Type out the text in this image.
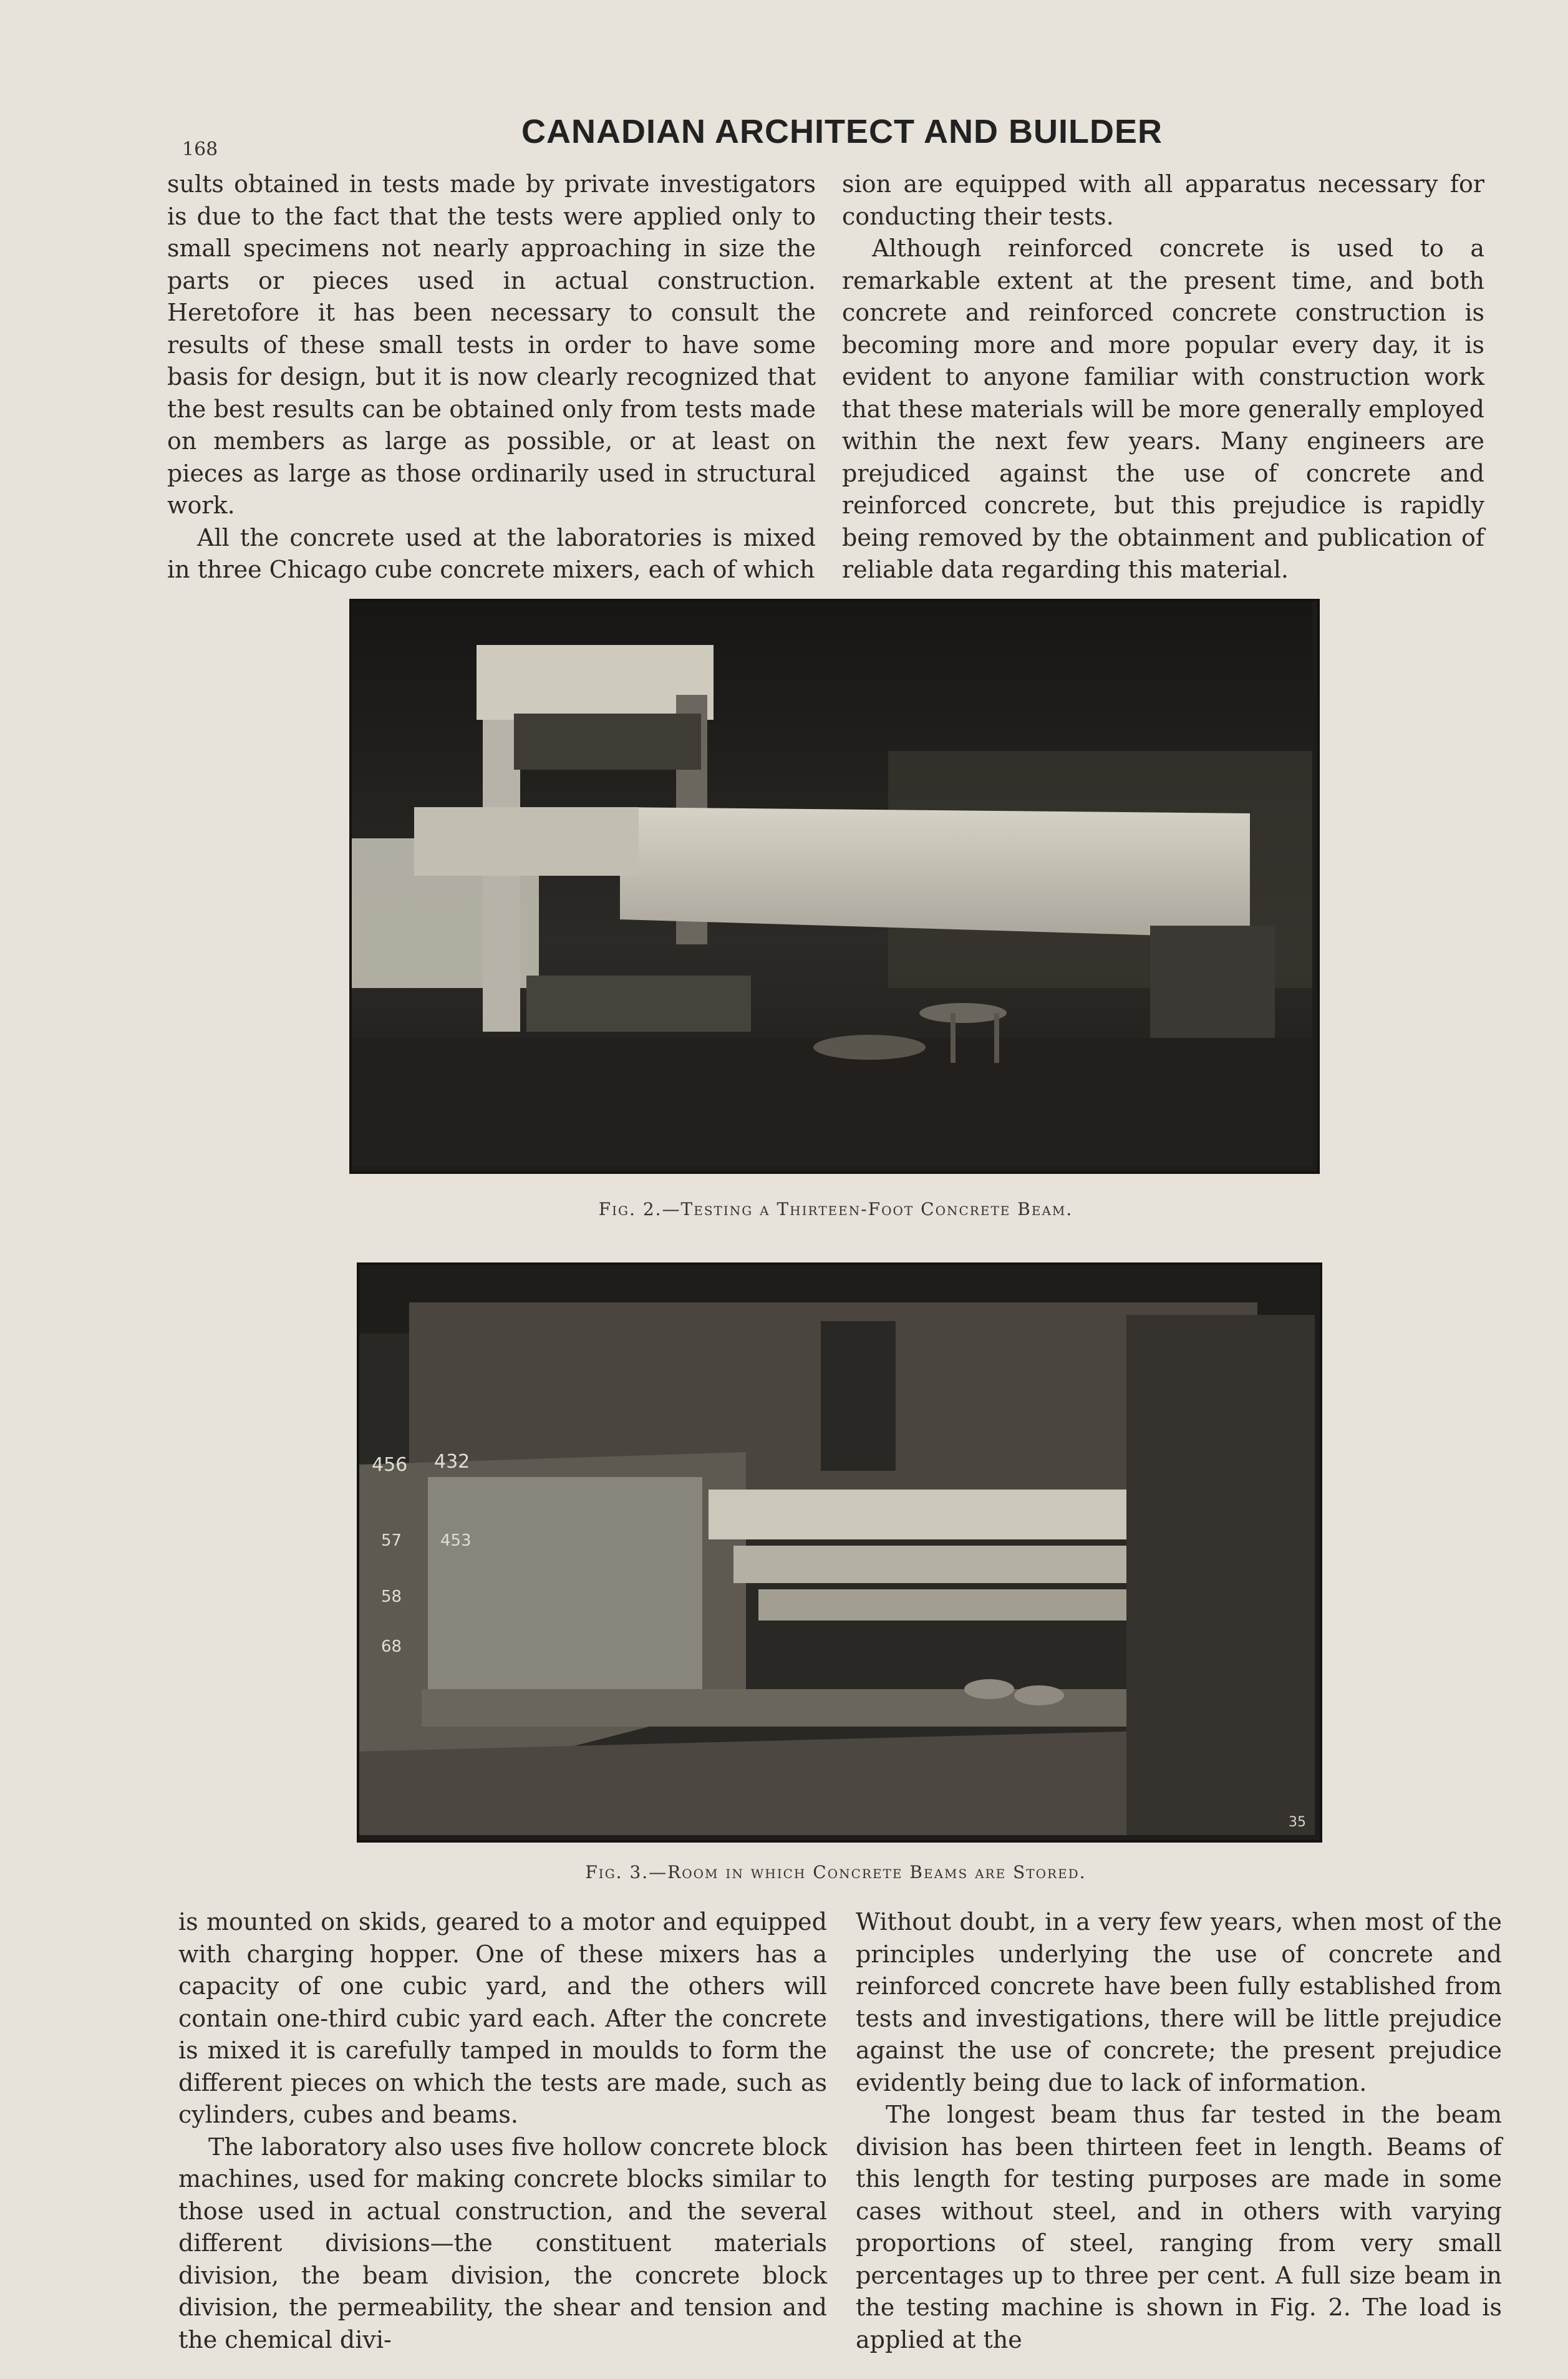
168	CANADIAN ARCHITECT AND BUILDER

sults obtained in tests made by private investigators is due to the fact that the tests were applied only to small specimens not nearly approaching in size the parts or pieces used in actual construction. Heretofore it has been necessary to consult the results of these small tests in order to have some basis for design, but it is now clearly recognized that the best results can be obtained only from tests made on members as large as possible, or at least on pieces as large as those ordinarily used in structural work.

All the concrete used at the laboratories is mixed in three Chicago cube concrete mixers, each of which

sion are equipped with all apparatus necessary for conducting their tests.

Although reinforced concrete is used to a remarkable extent at the present time, and both concrete and reinforced concrete construction is becoming more and more popular every day, it is evident to anyone familiar with construction work that these materials will be more generally employed within the next few years. Many engineers are prejudiced against the use of concrete and reinforced concrete, but this prejudice is rapidly being removed by the obtainment and publication of reliable data regarding this material.

Fig. 2.—Testing a Thirteen-Foot Concrete Beam.
456 432
57 453
58
68
35
Fig. 3.—Room in which Concrete Beams are Stored.

is mounted on skids, geared to a motor and equipped with charging hopper. One of these mixers has a capacity of one cubic yard, and the others will contain one-third cubic yard each. After the concrete is mixed it is carefully tamped in moulds to form the different pieces on which the tests are made, such as cylinders, cubes and beams.

The laboratory also uses five hollow concrete block machines, used for making concrete blocks similar to those used in actual construction, and the several different divisions—the constituent materials division, the beam division, the concrete block division, the permeability, the shear and tension and the chemical divi-

Without doubt, in a very few years, when most of the principles underlying the use of concrete and reinforced concrete have been fully established from tests and investigations, there will be little prejudice against the use of concrete; the present prejudice evidently being due to lack of information.

The longest beam thus far tested in the beam division has been thirteen feet in length. Beams of this length for testing purposes are made in some cases without steel, and in others with varying proportions of steel, ranging from very small percentages up to three per cent. A full size beam in the testing machine is shown in Fig. 2. The load is applied at the
